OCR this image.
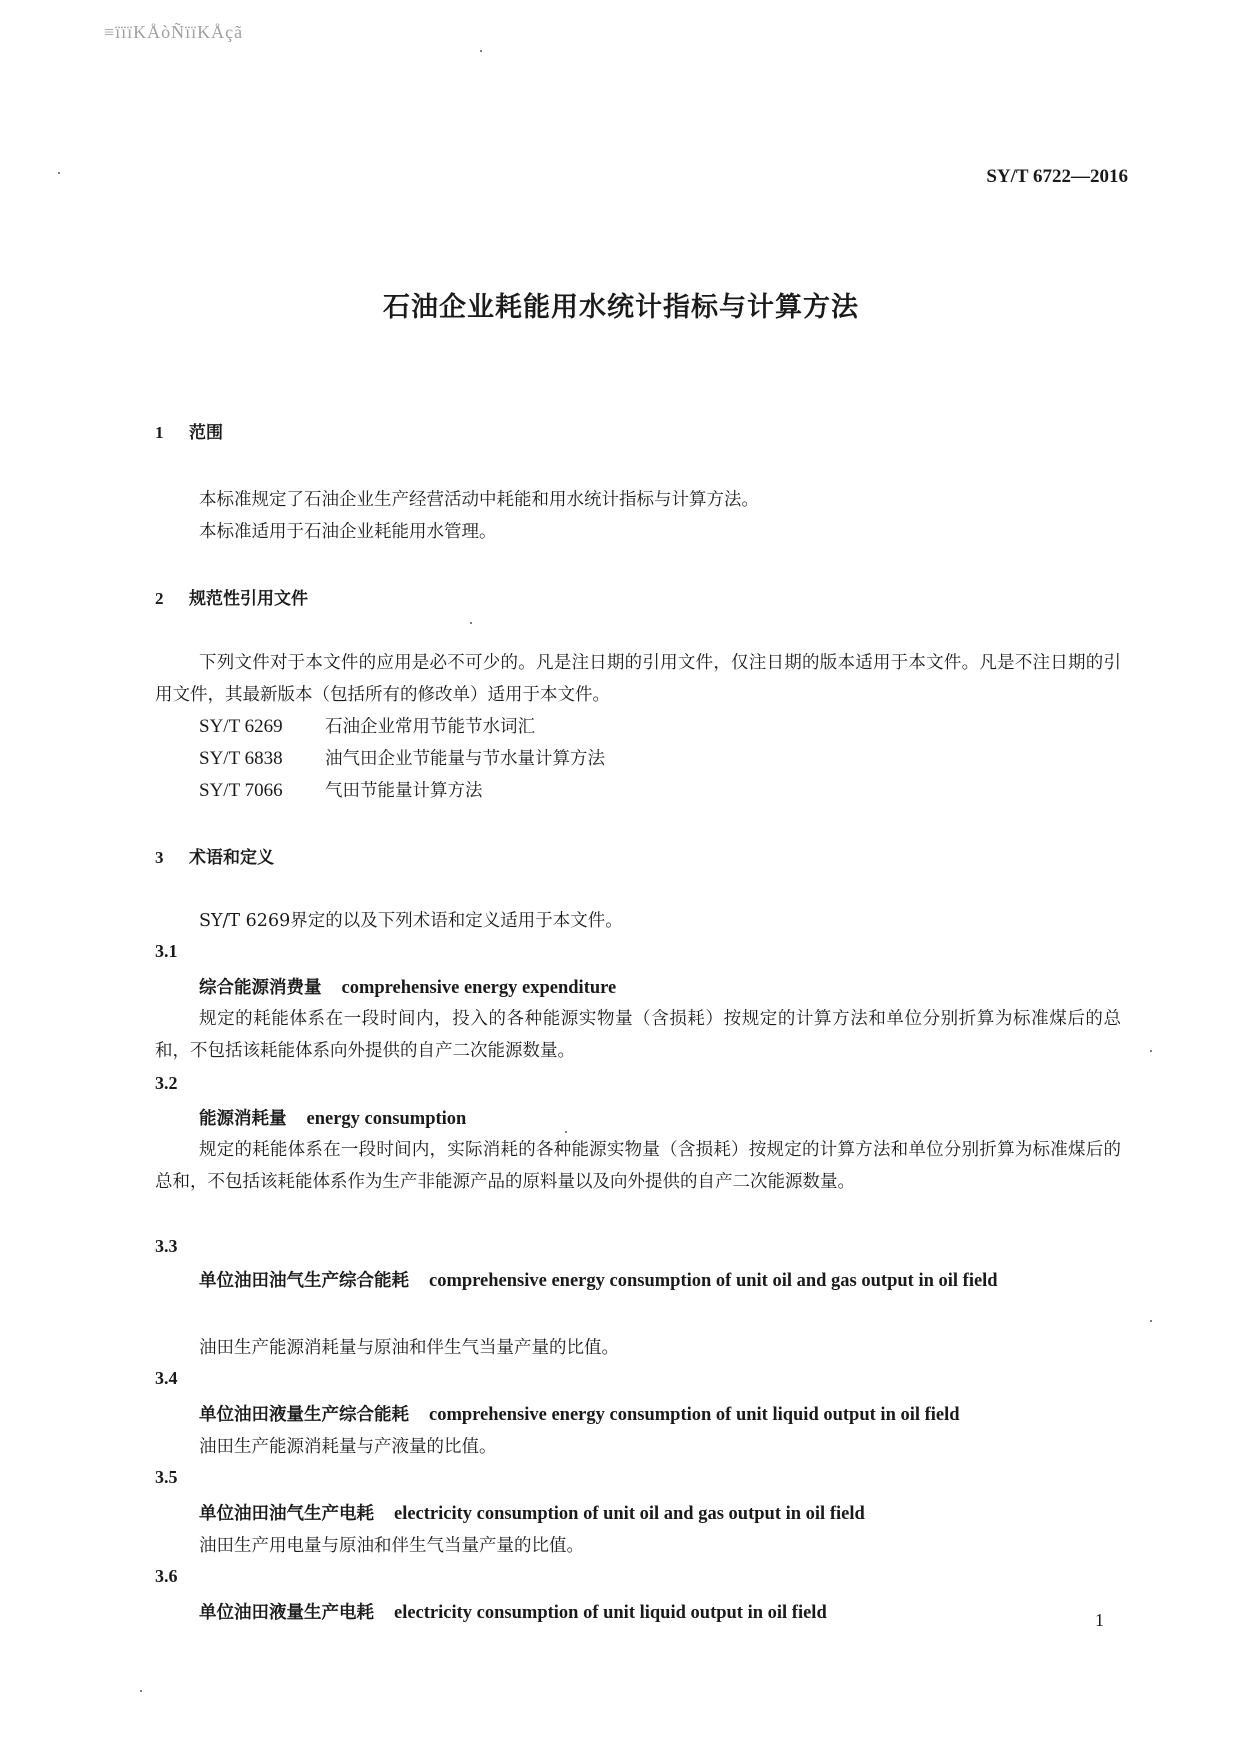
≡ïïïKÅòÑïïKÅçã
SY/T 6722—2016
石油企业耗能用水统计指标与计算方法
1 范围
本标准规定了石油企业生产经营活动中耗能和用水统计指标与计算方法。
本标准适用于石油企业耗能用水管理。
2 规范性引用文件
下列文件对于本文件的应用是必不可少的。凡是注日期的引用文件，仅注日期的版本适用于本文件。凡是不注日期的引用文件，其最新版本（包括所有的修改单）适用于本文件。
SY/T 6269 石油企业常用节能节水词汇
SY/T 6838 油气田企业节能量与节水量计算方法
SY/T 7066 气田节能量计算方法
3 术语和定义
SY/T 6269界定的以及下列术语和定义适用于本文件。
3.1
综合能源消费量 comprehensive energy expenditure
规定的耗能体系在一段时间内，投入的各种能源实物量（含损耗）按规定的计算方法和单位分别折算为标准煤后的总和，不包括该耗能体系向外提供的自产二次能源数量。
3.2
能源消耗量 energy consumption
规定的耗能体系在一段时间内，实际消耗的各种能源实物量（含损耗）按规定的计算方法和单位分别折算为标准煤后的总和，不包括该耗能体系作为生产非能源产品的原料量以及向外提供的自产二次能源数量。
3.3
单位油田油气生产综合能耗 comprehensive energy consumption of unit oil and gas output in oil field
油田生产能源消耗量与原油和伴生气当量产量的比值。
3.4
单位油田液量生产综合能耗 comprehensive energy consumption of unit liquid output in oil field
油田生产能源消耗量与产液量的比值。
3.5
单位油田油气生产电耗 electricity consumption of unit oil and gas output in oil field
油田生产用电量与原油和伴生气当量产量的比值。
3.6
单位油田液量生产电耗 electricity consumption of unit liquid output in oil field	1
